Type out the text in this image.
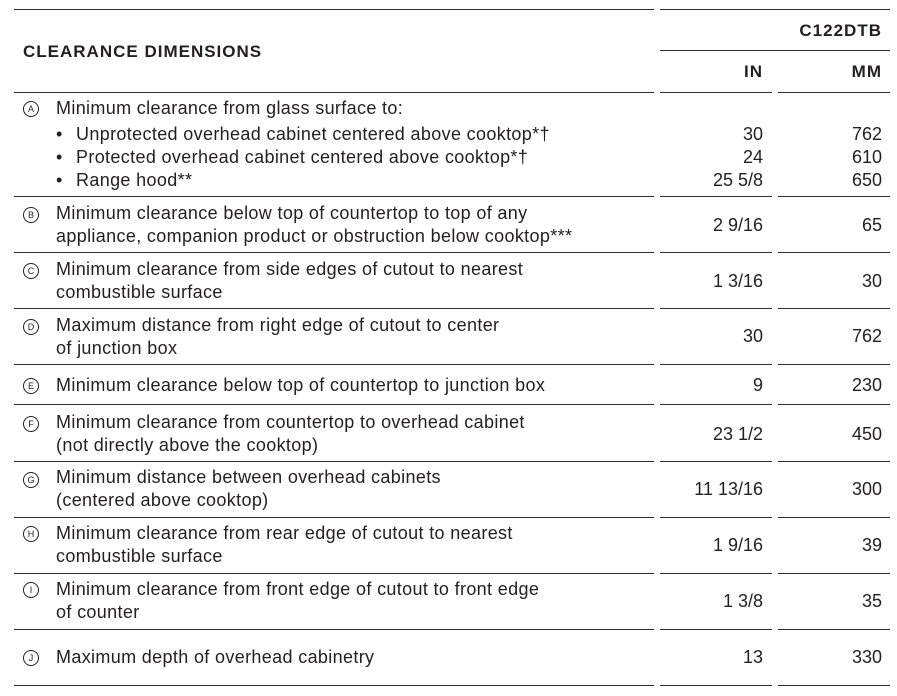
CLEARANCE DIMENSIONS
C122DTB
IN	MM
A Minimum clearance from glass surface to:
• Unprotected overhead cabinet centered above cooktop*†	30	762
• Protected overhead cabinet centered above cooktop*†	24	610
• Range hood**	25 5/8	650
B Minimum clearance below top of countertop to top of any
appliance, companion product or obstruction below cooktop***
2 9/16	65
C Minimum clearance from side edges of cutout to nearest
combustible surface
1 3/16	30
D Maximum distance from right edge of cutout to center
of junction box
30	762
E Minimum clearance below top of countertop to junction box	9	230
F Minimum clearance from countertop to overhead cabinet
(not directly above the cooktop)
23 1/2	450
G Minimum distance between overhead cabinets
(centered above cooktop)
11 13/16	300
H Minimum clearance from rear edge of cutout to nearest
combustible surface
1 9/16	39
I	Minimum clearance from front edge of cutout to front edge
of counter
1 3/8	35
J	Maximum depth of overhead cabinetry	13	330
